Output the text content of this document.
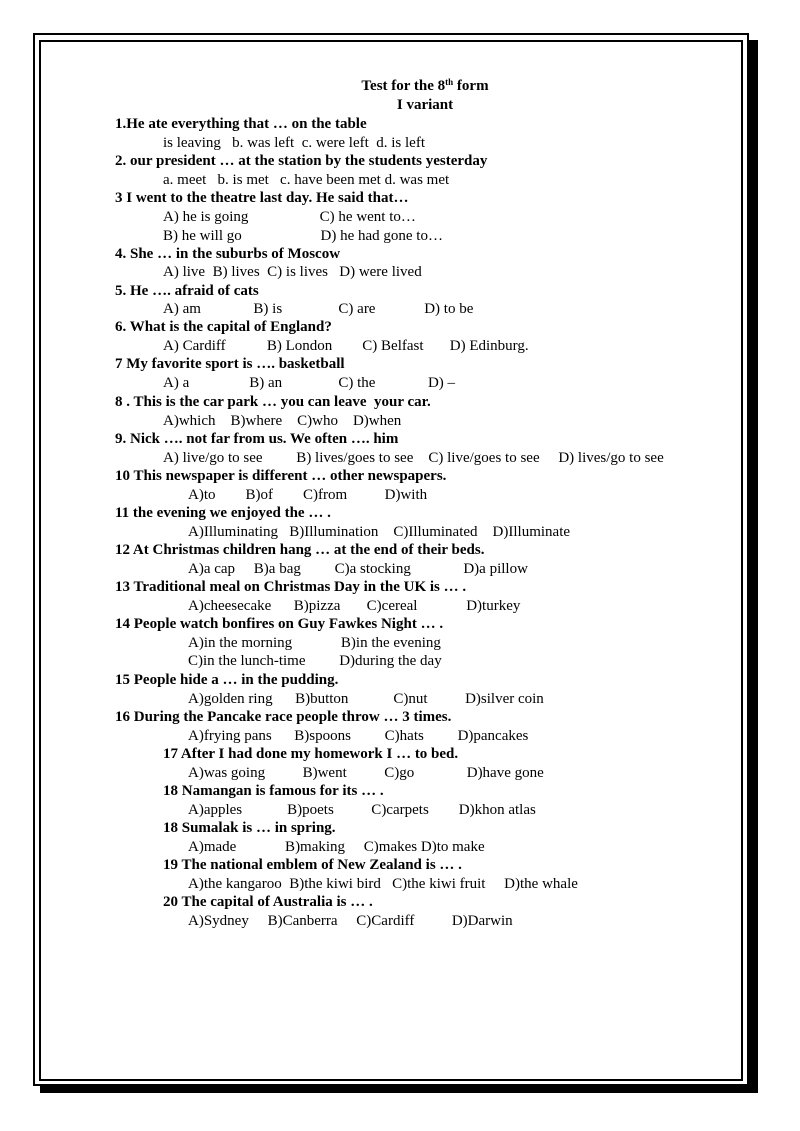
Test for the 8th form
I variant
1.He ate everything that … on the table
is leaving   b. was left  c. were left  d. is left
2. our president … at the station by the students yesterday
a. meet   b. is met   c. have been met d. was met
3 I went to the theatre last day. He said that…
A) he is going                   C) he went to…
B) he will go                     D) he had gone to…
4. She … in the suburbs of Moscow
A) live  B) lives  C) is lives   D) were lived
5. He …. afraid of cats
A) am              B) is               C) are             D) to be
6. What is the capital of England?
A) Cardiff           B) London        C) Belfast       D) Edinburg.
7 My favorite sport is …. basketball
A) a                B) an               C) the              D) –
8 . This is the car park … you can leave  your car.
A)which    B)where    C)who    D)when
9. Nick …. not far from us. We often …. him
A) live/go to see         B) lives/goes to see    C) live/goes to see     D) lives/go to see
10 This newspaper is different … other newspapers.
A)to        B)of        C)from          D)with
11 the evening we enjoyed the … .
A)Illuminating   B)Illumination    C)Illuminated    D)Illuminate
12 At Christmas children hang … at the end of their beds.
A)a cap     B)a bag         C)a stocking              D)a pillow
13 Traditional meal on Christmas Day in the UK is … .
A)cheesecake      B)pizza       C)cereal             D)turkey
14 People watch bonfires on Guy Fawkes Night … .
A)in the morning             B)in the evening
C)in the lunch-time         D)during the day
15 People hide a … in the pudding.
A)golden ring      B)button            C)nut          D)silver coin
16 During the Pancake race people throw … 3 times.
A)frying pans      B)spoons         C)hats         D)pancakes
17 After I had done my homework I … to bed.
A)was going          B)went          C)go              D)have gone
18 Namangan is famous for its … .
A)apples            B)poets          C)carpets        D)khon atlas
18 Sumalak is … in spring.
A)made             B)making     C)makes D)to make
19 The national emblem of New Zealand is … .
A)the kangaroo  B)the kiwi bird   C)the kiwi fruit     D)the whale
20 The capital of Australia is … .
A)Sydney     B)Canberra     C)Cardiff          D)Darwin
